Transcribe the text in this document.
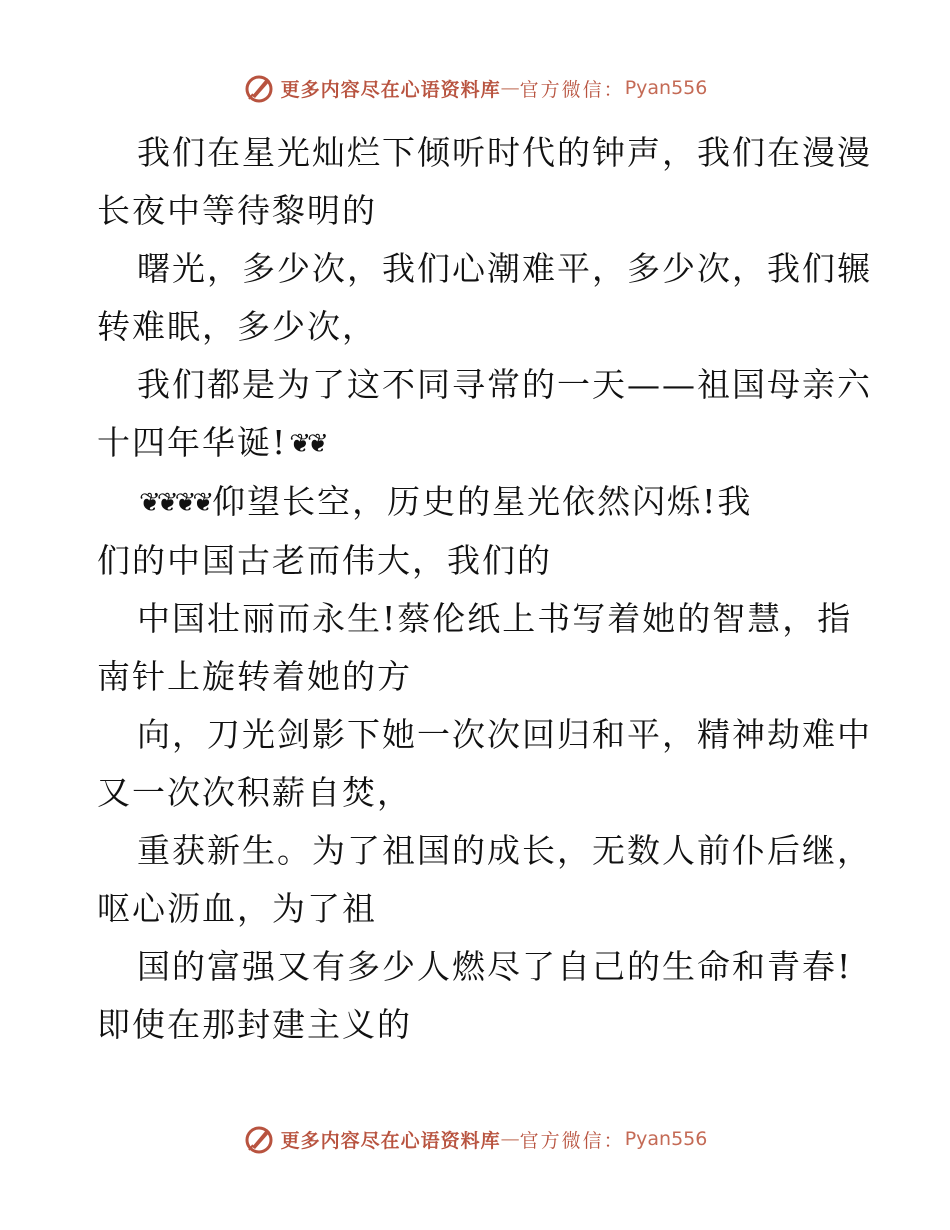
更多内容尽在心语资料库 — 官方微信： Pyan556

我们在星光灿烂下倾听时代的钟声，我们在漫漫
长夜中等待黎明的

曙光，多少次，我们心潮难平，多少次，我们辗
转难眠，多少次，

我们都是为了这不同寻常的一天——祖国母亲六
十四年华诞!❦❦

❦❦❦❦仰望长空，历史的星光依然闪烁!我
们的中国古老而伟大，我们的

中国壮丽而永生!蔡伦纸上书写着她的智慧，指
南针上旋转着她的方

向，刀光剑影下她一次次回归和平，精神劫难中
又一次次积薪自焚，

重获新生。为了祖国的成长，无数人前仆后继，
呕心沥血，为了祖

国的富强又有多少人燃尽了自己的生命和青春!
即使在那封建主义的

更多内容尽在心语资料库 — 官方微信： Pyan556
